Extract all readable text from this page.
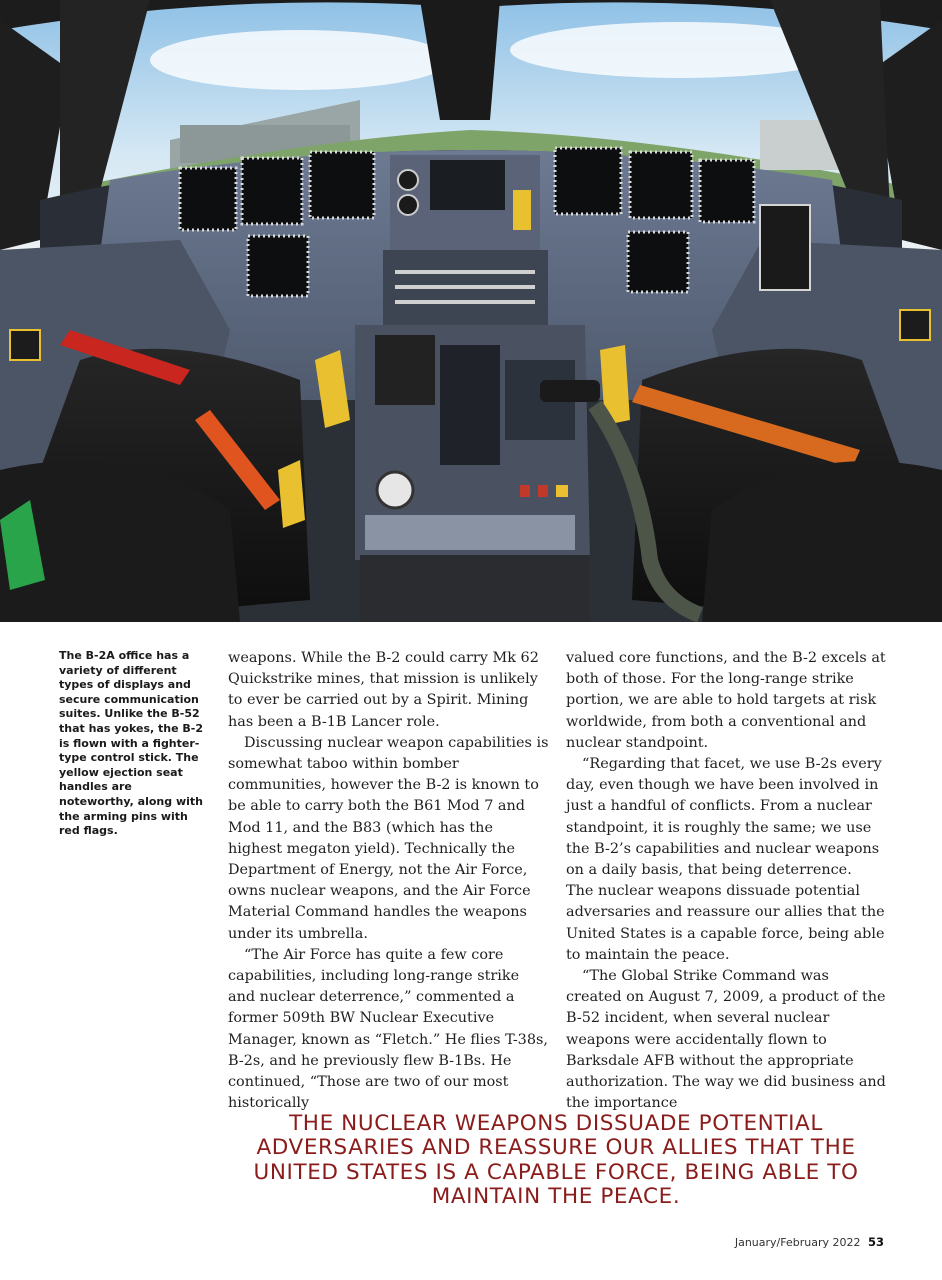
The B-2A office has a variety of different types of displays and secure communication suites. Unlike the B-52 that has yokes, the B-2 is flown with a fighter-type control stick. The yellow ejection seat handles are noteworthy, along with the arming pins with red flags.

weapons. While the B-2 could carry Mk 62 Quickstrike mines, that mission is unlikely to ever be carried out by a Spirit. Mining has been a B-1B Lancer role.

Discussing nuclear weapon capabilities is somewhat taboo within bomber communities, however the B-2 is known to be able to carry both the B61 Mod 7 and Mod 11, and the B83 (which has the highest megaton yield). Technically the Department of Energy, not the Air Force, owns nuclear weapons, and the Air Force Material Command handles the weapons under its umbrella.

“The Air Force has quite a few core capabilities, including long-range strike and nuclear deterrence,” commented a former 509th BW Nuclear Executive Manager, known as “Fletch.” He flies T-38s, B-2s, and he previously flew B-1Bs. He continued, “Those are two of our most historically

valued core functions, and the B-2 excels at both of those. For the long-range strike portion, we are able to hold targets at risk worldwide, from both a conventional and nuclear standpoint.

“Regarding that facet, we use B-2s every day, even though we have been involved in just a handful of conflicts. From a nuclear standpoint, it is roughly the same; we use the B-2’s capabilities and nuclear weapons on a daily basis, that being deterrence.

The nuclear weapons dissuade potential adversaries and reassure our allies that the United States is a capable force, being able to maintain the peace.

“The Global Strike Command was created on August 7, 2009, a product of the B-52 incident, when several nuclear weapons were accidentally flown to Barksdale AFB without the appropriate authorization. The way we did business and the importance

THE NUCLEAR WEAPONS DISSUADE POTENTIAL ADVERSARIES AND REASSURE OUR ALLIES THAT THE UNITED STATES IS A CAPABLE FORCE, BEING ABLE TO MAINTAIN THE PEACE.
January/February 2022 53
